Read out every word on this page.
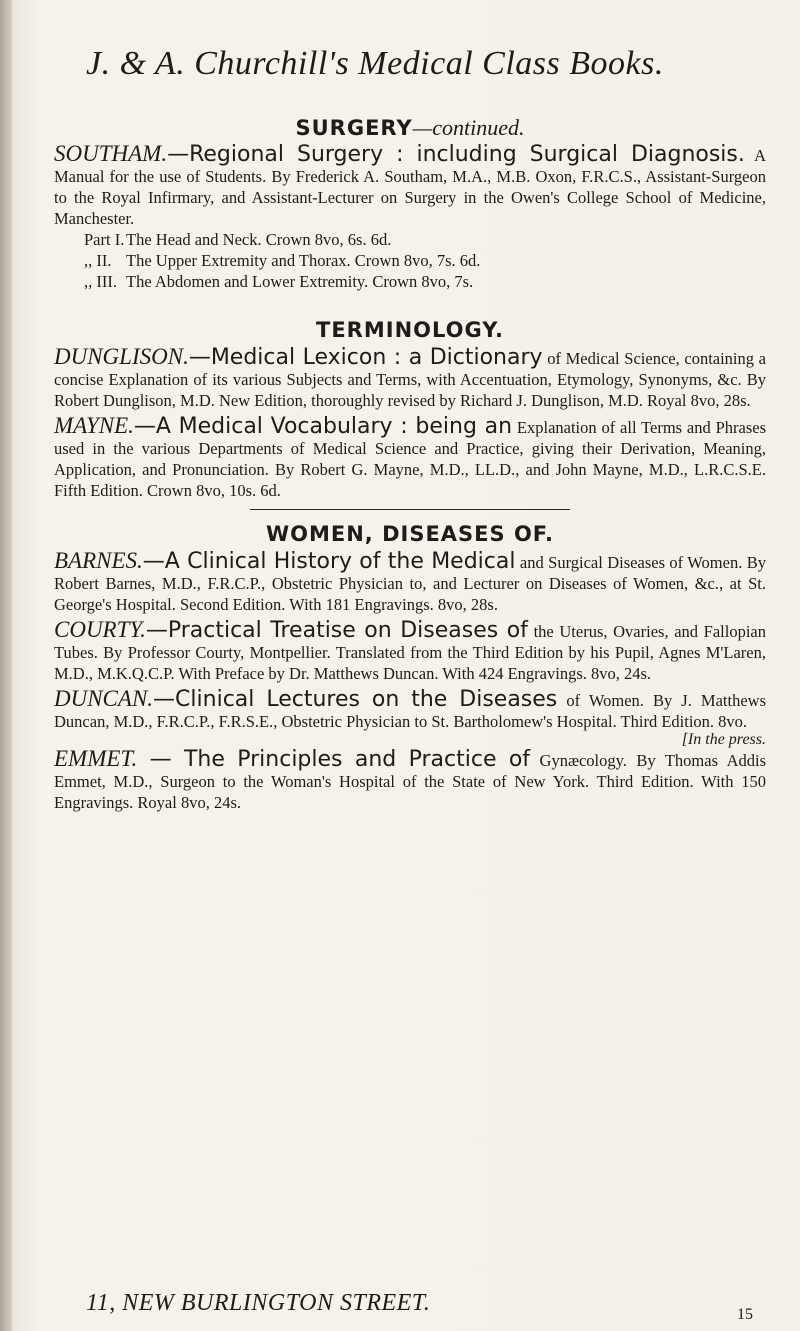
J. & A. Churchill's Medical Class Books.

SURGERY—continued.

SOUTHAM.—Regional Surgery : including Surgical Diagnosis. A Manual for the use of Students. By Frederick A. Southam, M.A., M.B. Oxon, F.R.C.S., Assistant-Surgeon to the Royal Infirmary, and Assistant-Lecturer on Surgery in the Owen's College School of Medicine, Manchester.

Part I. The Head and Neck. Crown 8vo, 6s. 6d.
,, II. The Upper Extremity and Thorax. Crown 8vo, 7s. 6d.
,, III. The Abdomen and Lower Extremity. Crown 8vo, 7s.

TERMINOLOGY.

DUNGLISON.—Medical Lexicon : a Dictionary of Medical Science, containing a concise Explanation of its various Subjects and Terms, with Accentuation, Etymology, Synonyms, &c. By Robert Dunglison, M.D. New Edition, thoroughly revised by Richard J. Dunglison, M.D. Royal 8vo, 28s.

MAYNE.—A Medical Vocabulary : being an Explanation of all Terms and Phrases used in the various Departments of Medical Science and Practice, giving their Derivation, Meaning, Application, and Pronunciation. By Robert G. Mayne, M.D., LL.D., and John Mayne, M.D., L.R.C.S.E. Fifth Edition. Crown 8vo, 10s. 6d.

WOMEN, DISEASES OF.

BARNES.—A Clinical History of the Medical and Surgical Diseases of Women. By Robert Barnes, M.D., F.R.C.P., Obstetric Physician to, and Lecturer on Diseases of Women, &c., at St. George's Hospital. Second Edition. With 181 Engravings. 8vo, 28s.

COURTY.—Practical Treatise on Diseases of the Uterus, Ovaries, and Fallopian Tubes. By Professor Courty, Montpellier. Translated from the Third Edition by his Pupil, Agnes M'Laren, M.D., M.K.Q.C.P. With Preface by Dr. Matthews Duncan. With 424 Engravings. 8vo, 24s.

DUNCAN.—Clinical Lectures on the Diseases of Women. By J. Matthews Duncan, M.D., F.R.C.P., F.R.S.E., Obstetric Physician to St. Bartholomew's Hospital. Third Edition. 8vo.

[In the press.

EMMET. — The Principles and Practice of Gynæcology. By Thomas Addis Emmet, M.D., Surgeon to the Woman's Hospital of the State of New York. Third Edition. With 150 Engravings. Royal 8vo, 24s.

11, NEW BURLINGTON STREET.	15
